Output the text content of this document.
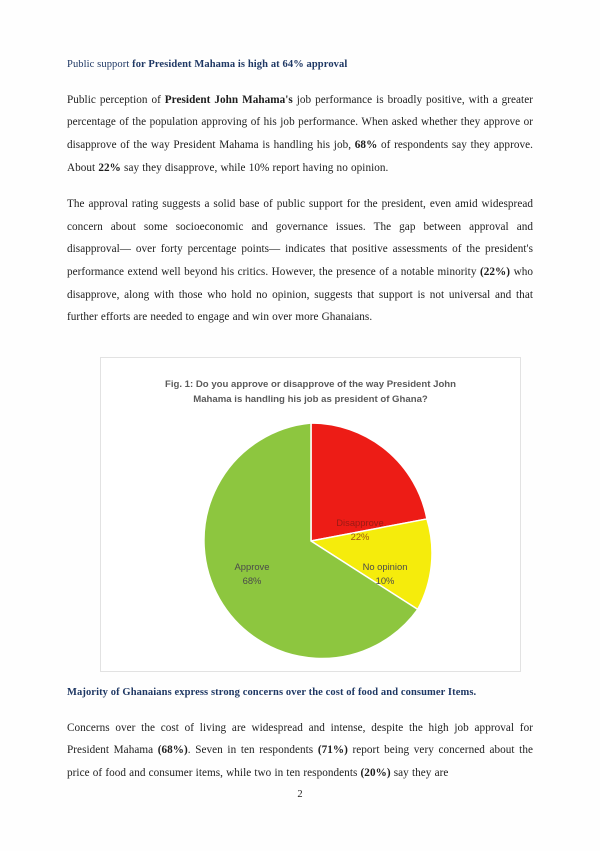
Public support for President Mahama is high at 64% approval

Public perception of President John Mahama's job performance is broadly positive, with a greater percentage of the population approving of his job performance. When asked whether they approve or disapprove of the way President Mahama is handling his job, 68% of respondents say they approve. About 22% say they disapprove, while 10% report having no opinion.

The approval rating suggests a solid base of public support for the president, even amid widespread concern about some socioeconomic and governance issues. The gap between approval and disapproval— over forty percentage points— indicates that positive assessments of the president's performance extend well beyond his critics. However, the presence of a notable minority (22%) who disapprove, along with those who hold no opinion, suggests that support is not universal and that further efforts are needed to engage and win over more Ghanaians.

Fig. 1: Do you approve or disapprove of the way President John
Mahama is handling his job as president of Ghana?
Disapprove
22%
No opinion
10%
Approve
68%
Majority of Ghanaians express strong concerns over the cost of food and consumer Items.

Concerns over the cost of living are widespread and intense, despite the high job approval for President Mahama (68%). Seven in ten respondents (71%) report being very concerned about the price of food and consumer items, while two in ten respondents (20%) say they are

2
